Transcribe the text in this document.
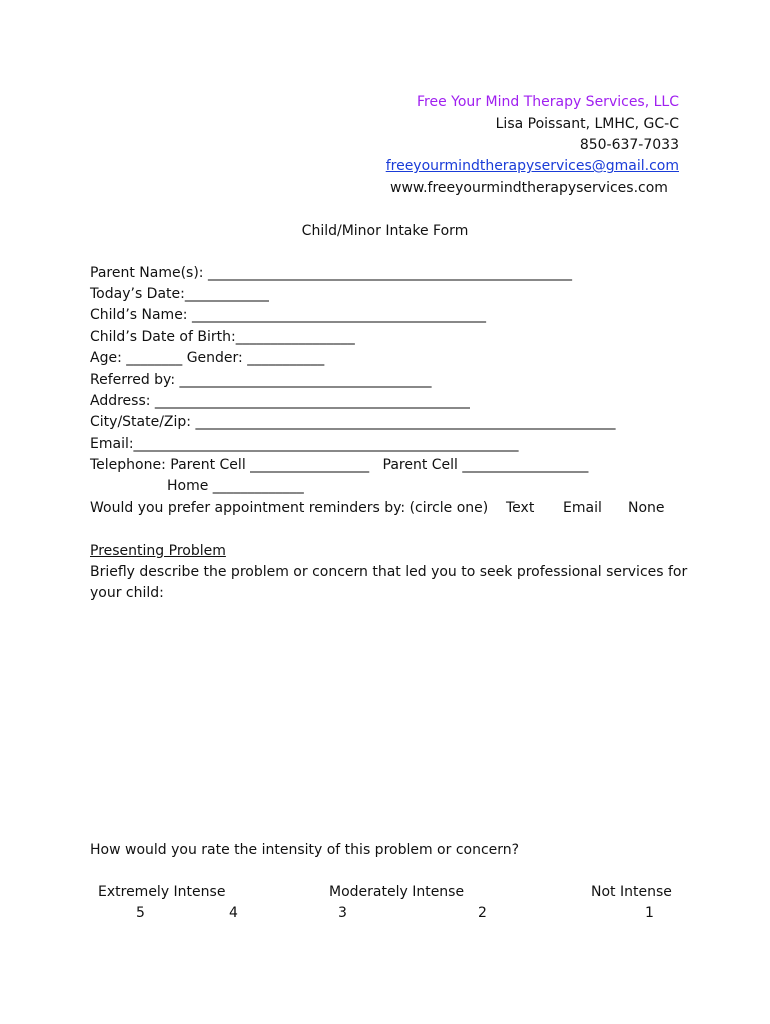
Free Your Mind Therapy Services, LLC
Lisa Poissant, LMHC, GC-C
850-637-7033
freeyourmindtherapyservices@gmail.com
www.freeyourmindtherapyservices.com
Child/Minor Intake Form
Parent Name(s): ____________________________________________________
Today’s Date:____________
Child’s Name: __________________________________________
Child’s Date of Birth:_________________
Age: ________ Gender: ___________
Referred by: ____________________________________
Address: _____________________________________________
City/State/Zip: ____________________________________________________________
Email:_______________________________________________________
Telephone: Parent Cell _________________   Parent Cell __________________
Home _____________
Would you prefer appointment reminders by: (circle one) Text Email None
Presenting Problem
Briefly describe the problem or concern that led you to seek professional services for
your child:
How would you rate the intensity of this problem or concern?
Extremely Intense	Moderately Intense	Not Intense
5	4	3	2	1
